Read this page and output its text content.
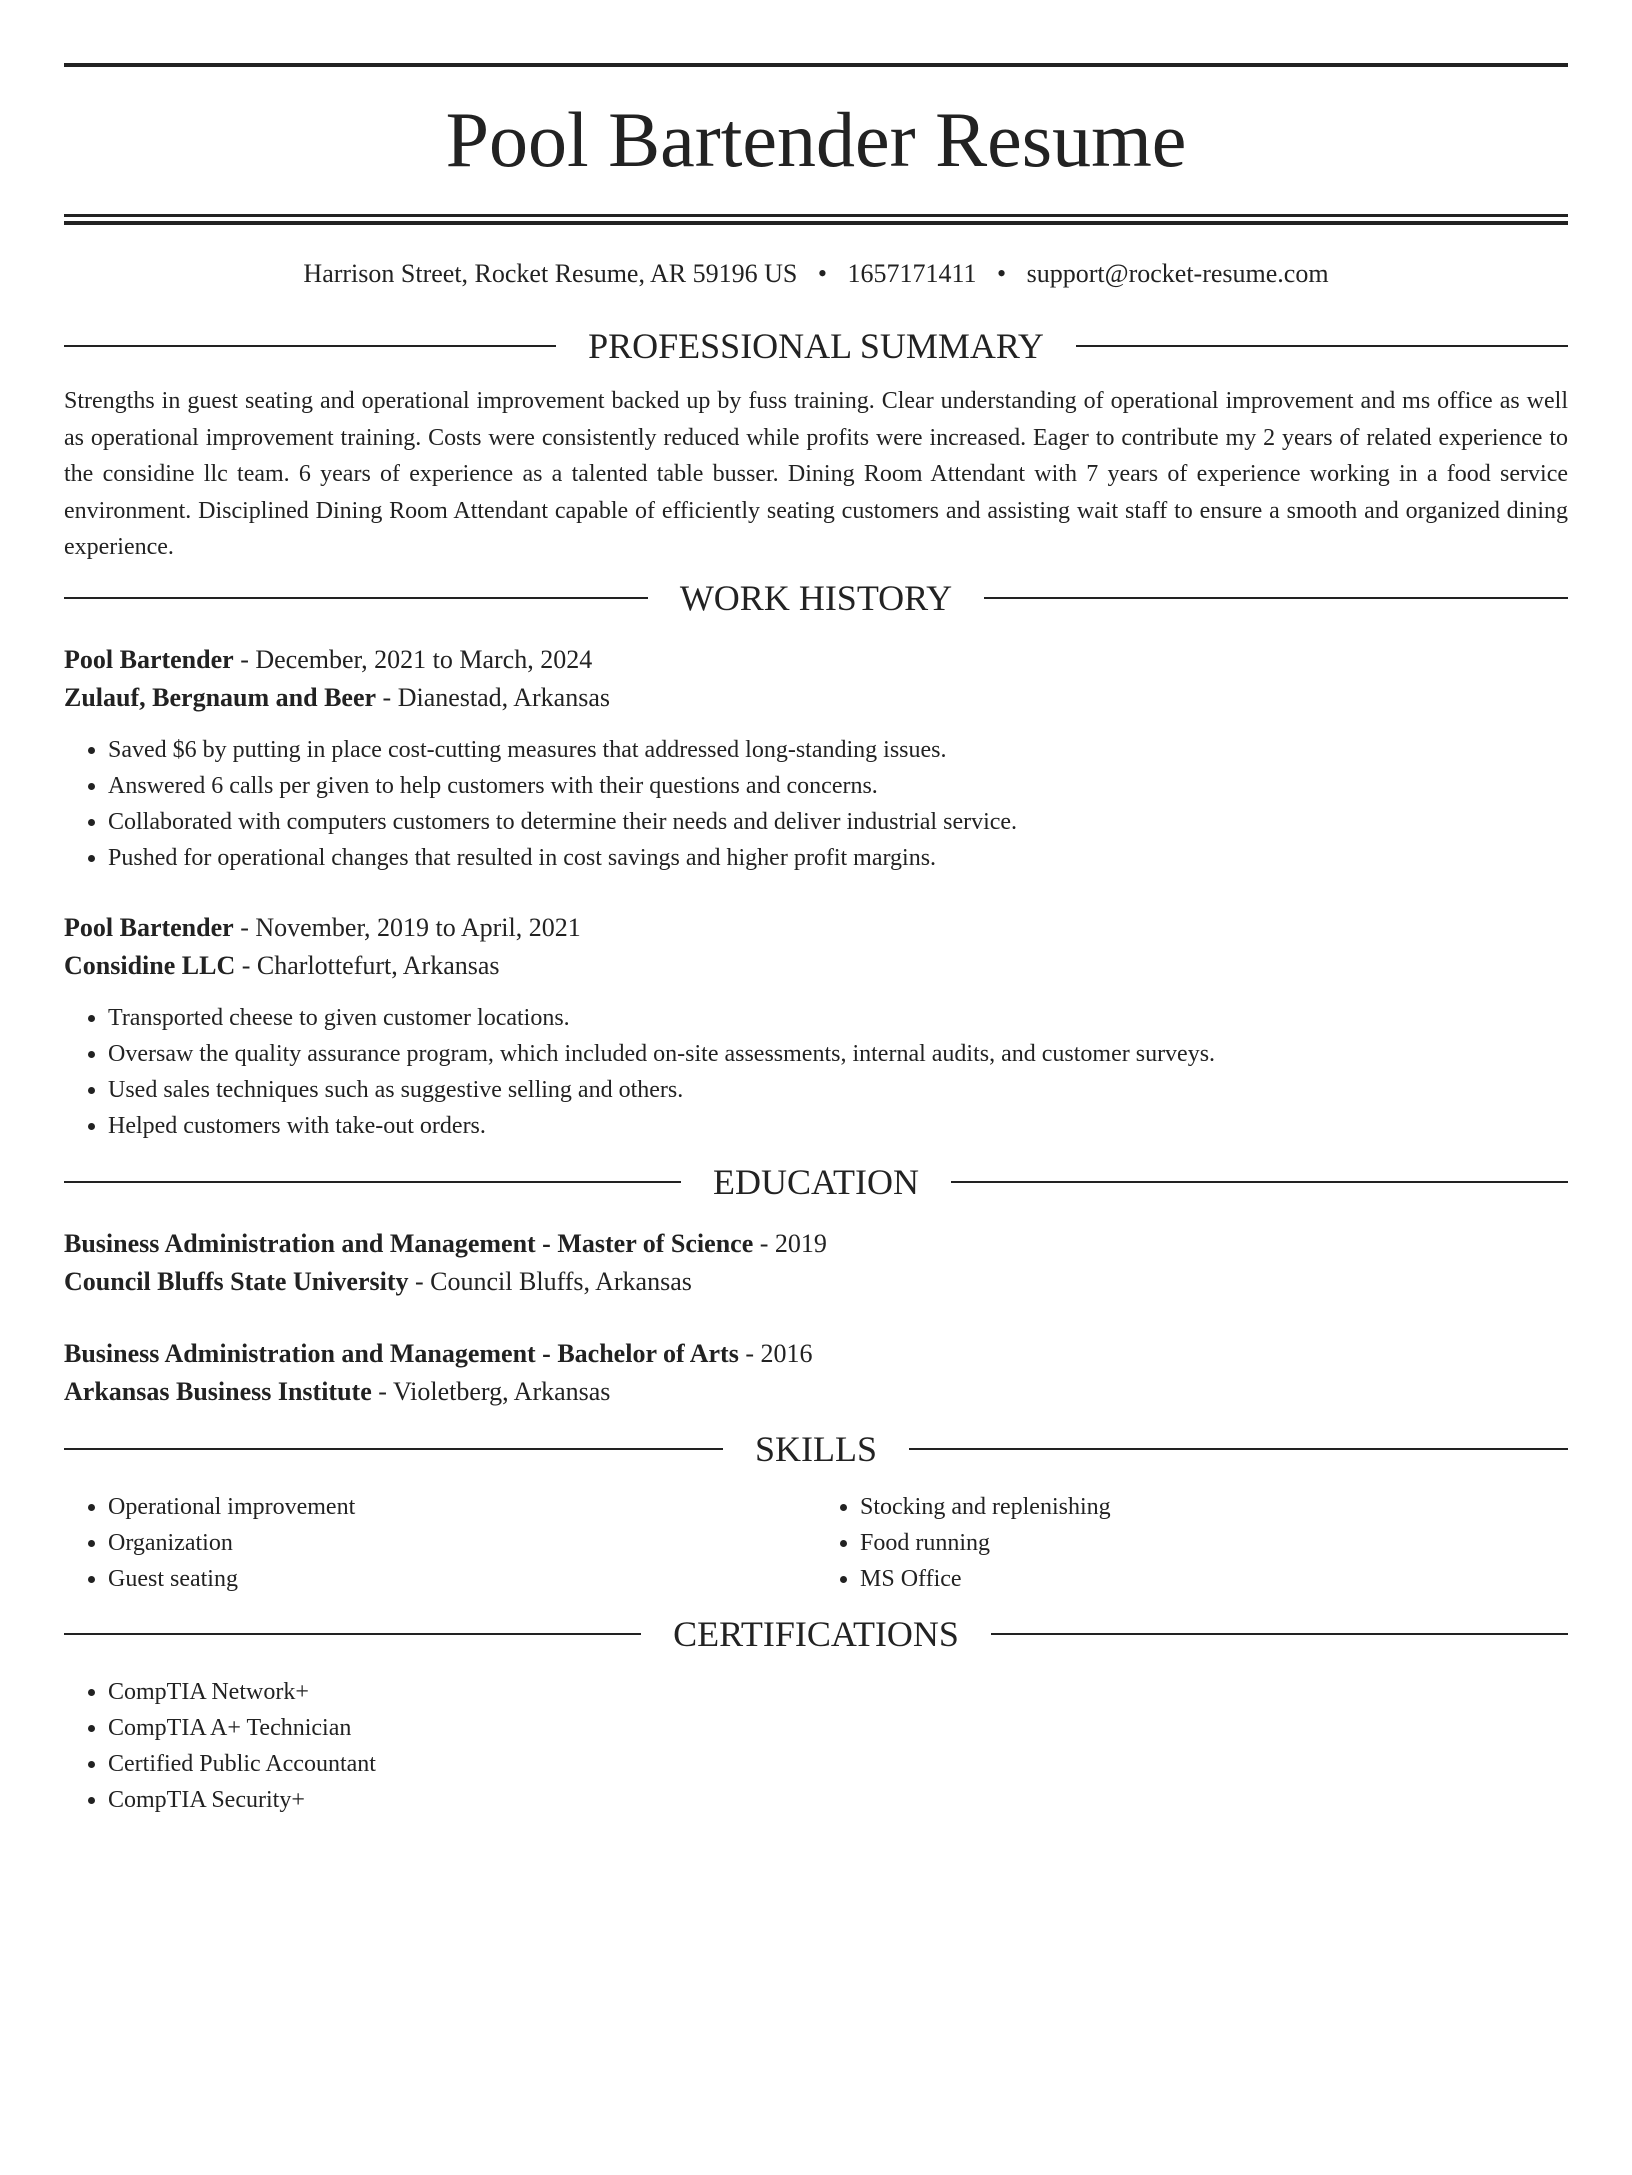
Pool Bartender Resume
Harrison Street, Rocket Resume, AR 59196 US • 1657171411 • support@rocket-resume.com
PROFESSIONAL SUMMARY

Strengths in guest seating and operational improvement backed up by fuss training. Clear understanding of operational improvement and ms office as well as operational improvement training. Costs were consistently reduced while profits were increased. Eager to contribute my 2 years of related experience to the considine llc team. 6 years of experience as a talented table busser. Dining Room Attendant with 7 years of experience working in a food service environment. Disciplined Dining Room Attendant capable of efficiently seating customers and assisting wait staff to ensure a smooth and organized dining experience.

WORK HISTORY
Pool Bartender - December, 2021 to March, 2024
Zulauf, Bergnaum and Beer - Dianestad, Arkansas
• Saved $6 by putting in place cost-cutting measures that addressed long-standing issues.
• Answered 6 calls per given to help customers with their questions and concerns.
• Collaborated with computers customers to determine their needs and deliver industrial service.
• Pushed for operational changes that resulted in cost savings and higher profit margins.
Pool Bartender - November, 2019 to April, 2021
Considine LLC - Charlottefurt, Arkansas
• Transported cheese to given customer locations.
• Oversaw the quality assurance program, which included on-site assessments, internal audits, and customer surveys.
• Used sales techniques such as suggestive selling and others.
• Helped customers with take-out orders.
EDUCATION
Business Administration and Management - Master of Science - 2019
Council Bluffs State University - Council Bluffs, Arkansas
Business Administration and Management - Bachelor of Arts - 2016
Arkansas Business Institute - Violetberg, Arkansas
SKILLS
• Operational improvement
• Organization
• Guest seating
• Stocking and replenishing
• Food running
• MS Office
CERTIFICATIONS
• CompTIA Network+
• CompTIA A+ Technician
• Certified Public Accountant
• CompTIA Security+
